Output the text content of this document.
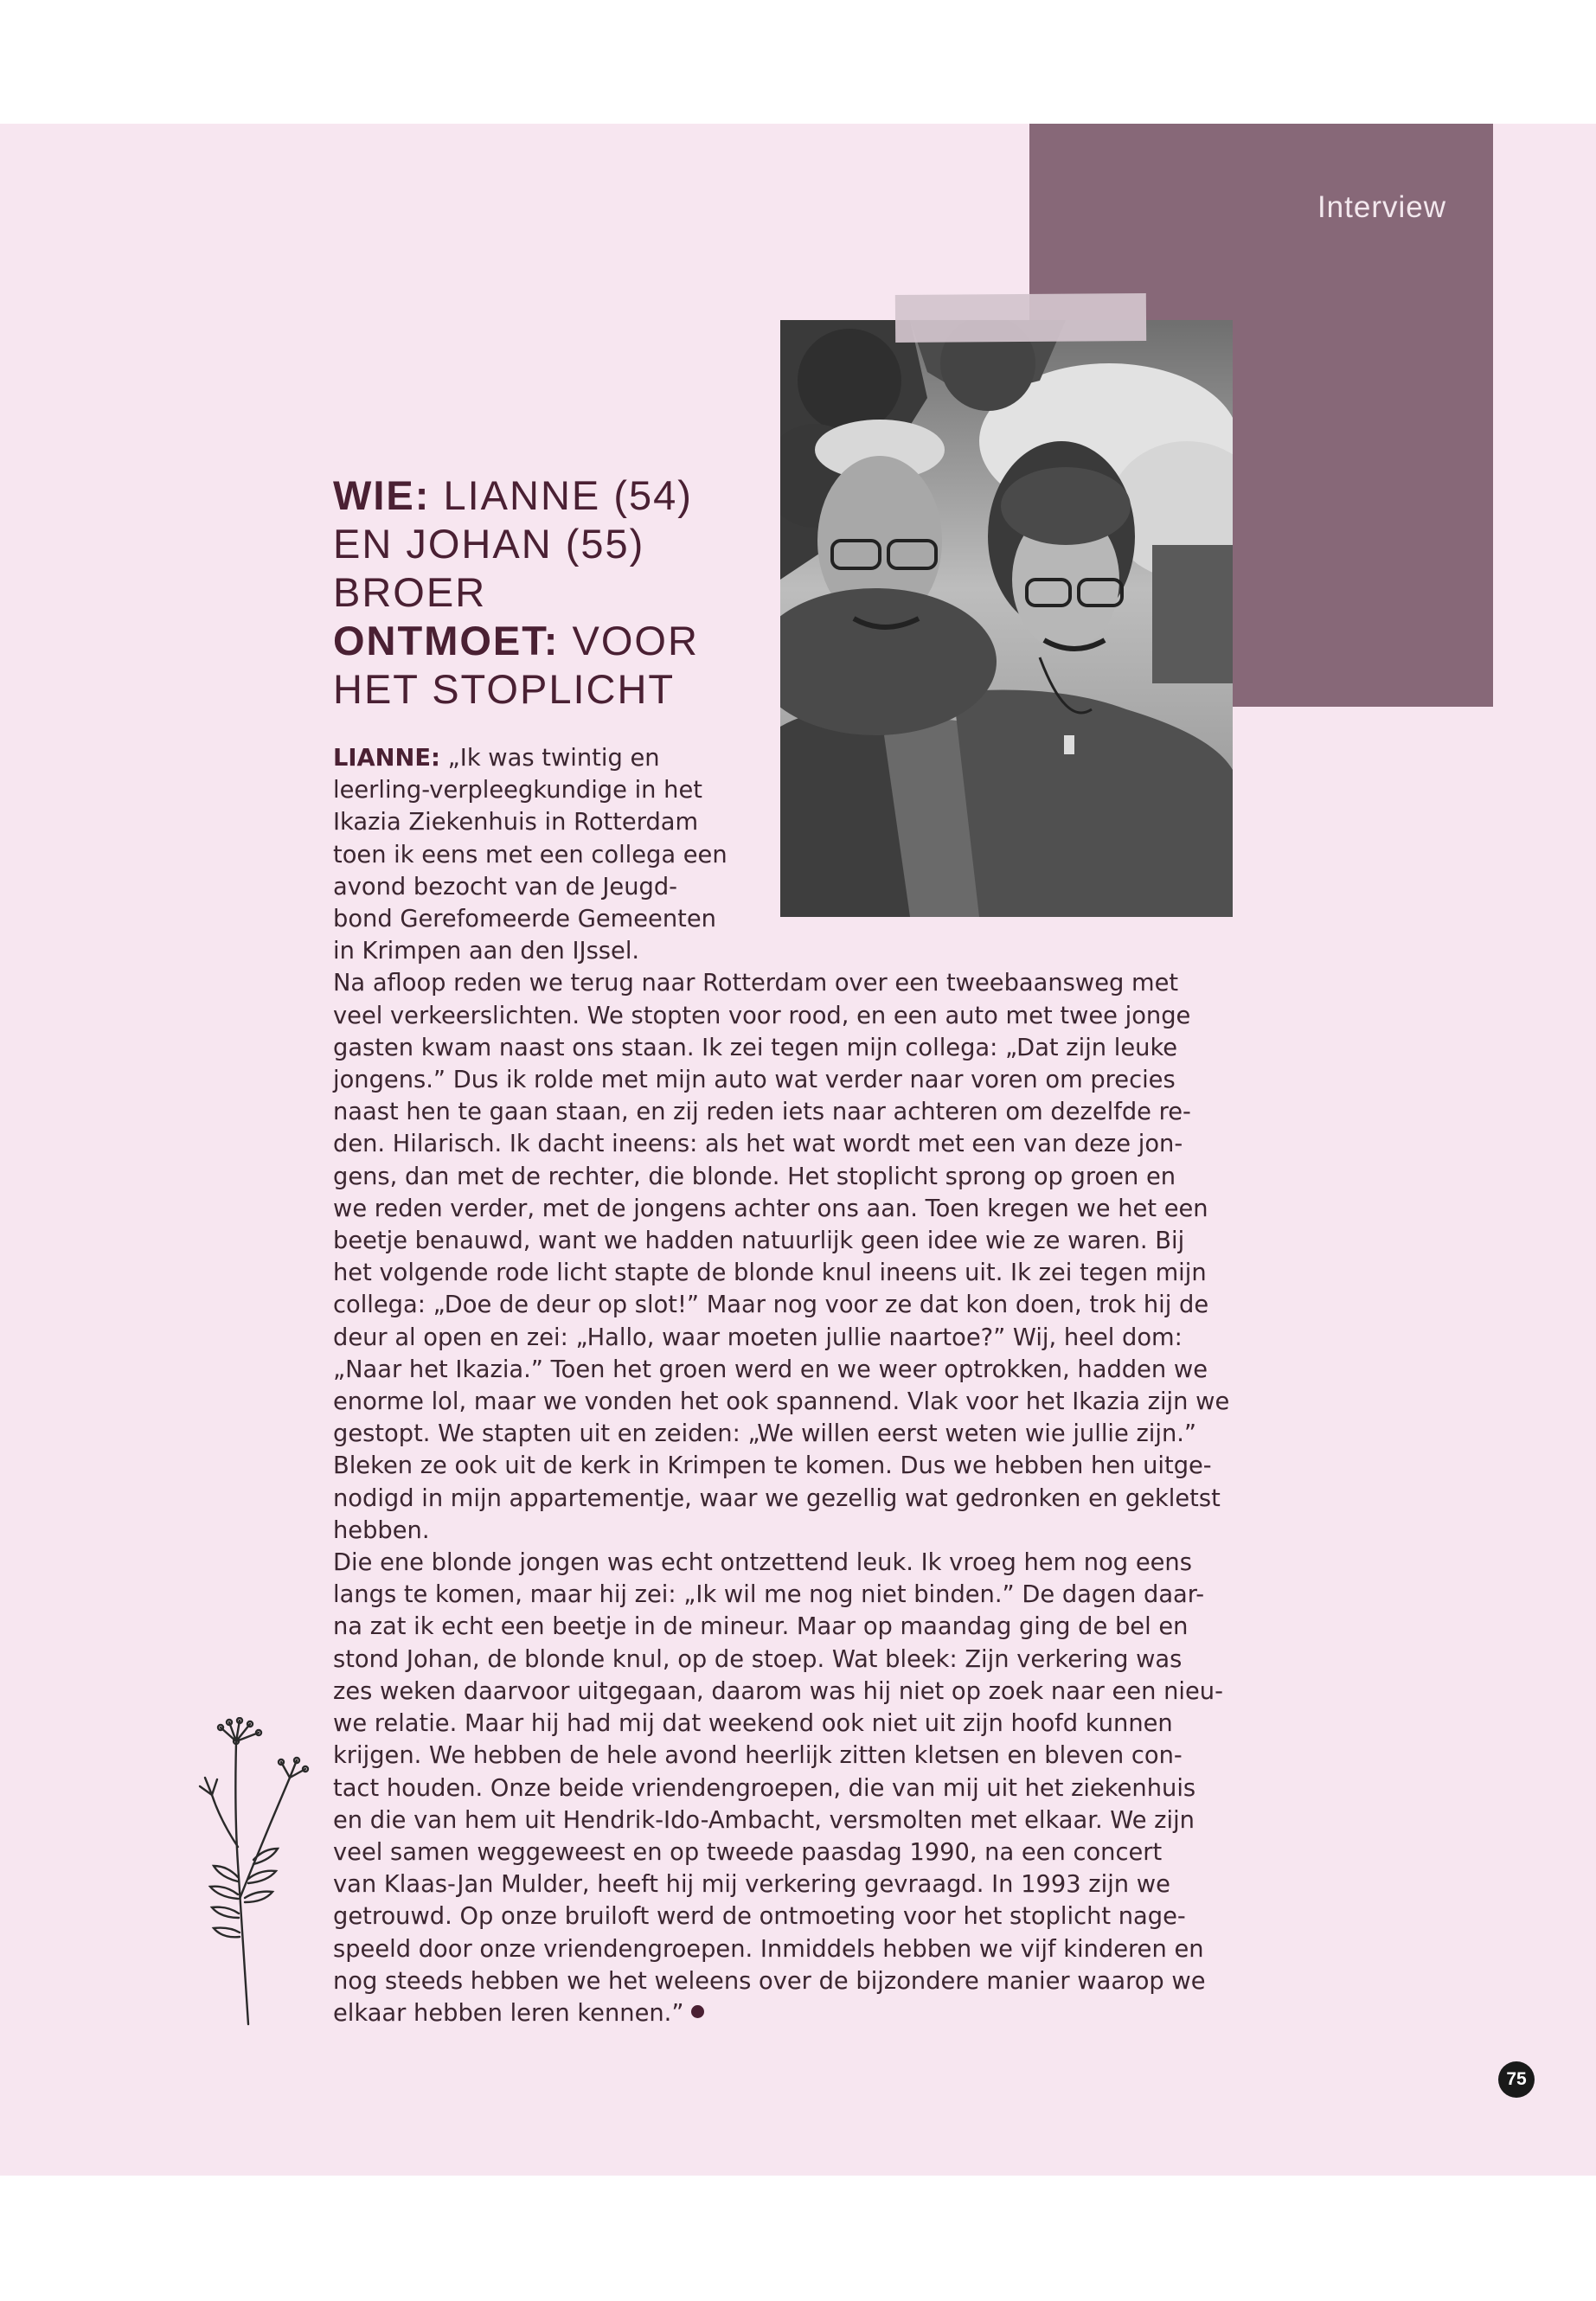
Interview
WIE: LIANNE (54)
EN JOHAN (55)
BROER
ONTMOET: VOOR
HET STOPLICHT

LIANNE: „Ik was twintig en

leerling-verpleegkundige in het

Ikazia Ziekenhuis in Rotterdam

toen ik eens met een collega een

avond bezocht van de Jeugd-

bond Gerefomeerde Gemeenten

in Krimpen aan den IJssel.

Na afloop reden we terug naar Rotterdam over een tweebaansweg met

veel verkeerslichten. We stopten voor rood, en een auto met twee jonge

gasten kwam naast ons staan. Ik zei tegen mijn collega: „Dat zijn leuke

jongens.” Dus ik rolde met mijn auto wat verder naar voren om precies

naast hen te gaan staan, en zij reden iets naar achteren om dezelfde re-

den. Hilarisch. Ik dacht ineens: als het wat wordt met een van deze jon-

gens, dan met de rechter, die blonde. Het stoplicht sprong op groen en

we reden verder, met de jongens achter ons aan. Toen kregen we het een

beetje benauwd, want we hadden natuurlijk geen idee wie ze waren. Bij

het volgende rode licht stapte de blonde knul ineens uit. Ik zei tegen mijn

collega: „Doe de deur op slot!” Maar nog voor ze dat kon doen, trok hij de

deur al open en zei: „Hallo, waar moeten jullie naartoe?” Wij, heel dom:

„Naar het Ikazia.” Toen het groen werd en we weer optrokken, hadden we

enorme lol, maar we vonden het ook spannend. Vlak voor het Ikazia zijn we

gestopt. We stapten uit en zeiden: „We willen eerst weten wie jullie zijn.”

Bleken ze ook uit de kerk in Krimpen te komen. Dus we hebben hen uitge-

nodigd in mijn appartementje, waar we gezellig wat gedronken en gekletst

hebben.

Die ene blonde jongen was echt ontzettend leuk. Ik vroeg hem nog eens

langs te komen, maar hij zei: „Ik wil me nog niet binden.” De dagen daar-

na zat ik echt een beetje in de mineur. Maar op maandag ging de bel en

stond Johan, de blonde knul, op de stoep. Wat bleek: Zijn verkering was

zes weken daarvoor uitgegaan, daarom was hij niet op zoek naar een nieu-

we relatie. Maar hij had mij dat weekend ook niet uit zijn hoofd kunnen

krijgen. We hebben de hele avond heerlijk zitten kletsen en bleven con-

tact houden. Onze beide vriendengroepen, die van mij uit het ziekenhuis

en die van hem uit Hendrik-Ido-Ambacht, versmolten met elkaar. We zijn

veel samen weggeweest en op tweede paasdag 1990, na een concert

van Klaas-Jan Mulder, heeft hij mij verkering gevraagd. In 1993 zijn we

getrouwd. Op onze bruiloft werd de ontmoeting voor het stoplicht nage-

speeld door onze vriendengroepen. Inmiddels hebben we vijf kinderen en

nog steeds hebben we het weleens over de bijzondere manier waarop we

elkaar hebben leren kennen.”

75
